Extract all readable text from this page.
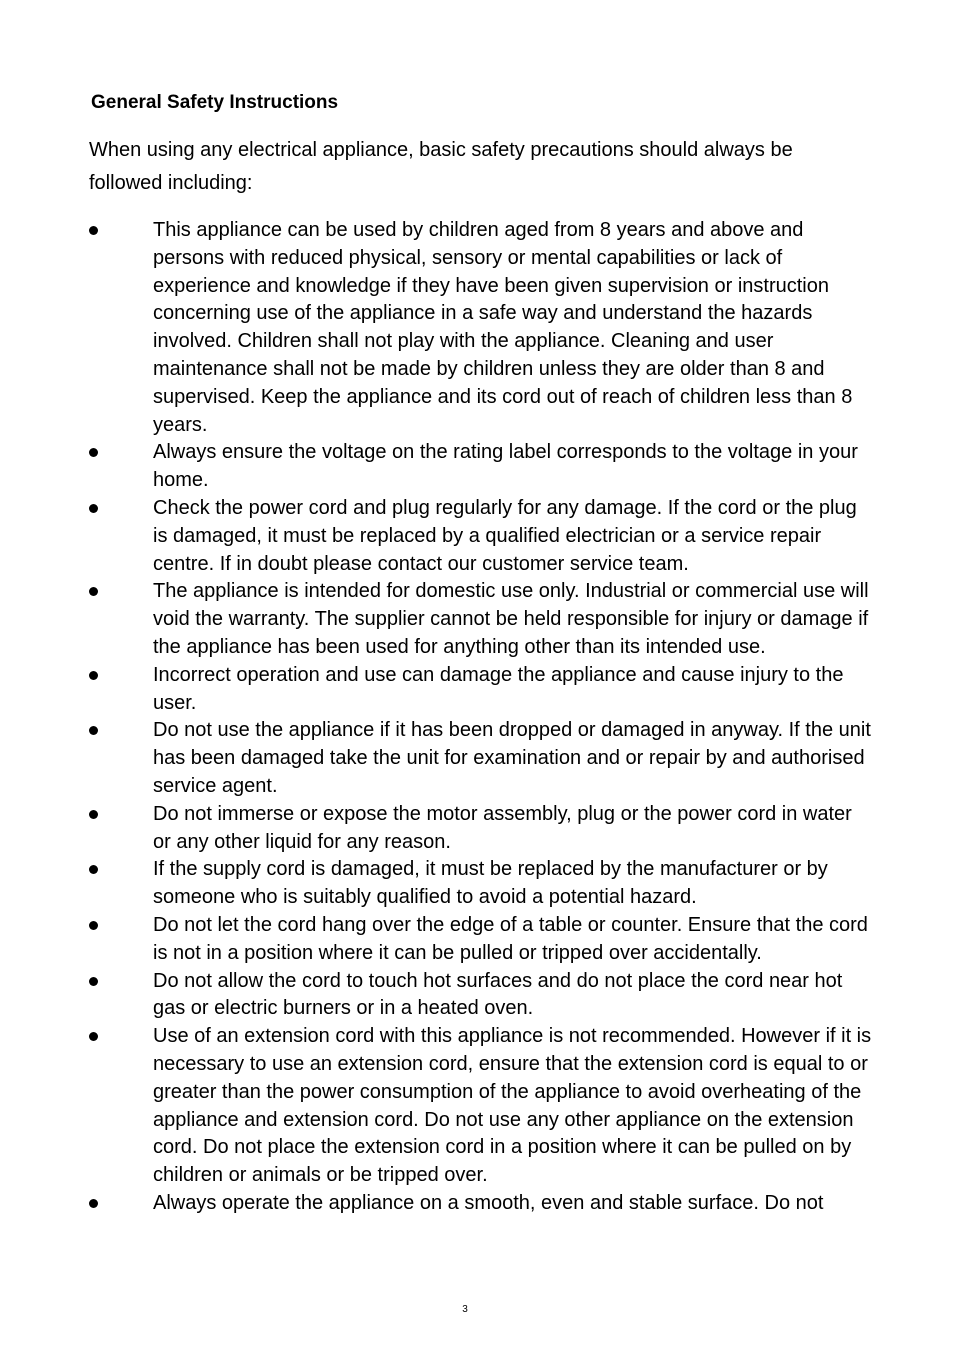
General Safety Instructions

When using any electrical appliance, basic safety precautions should always be followed including:

This appliance can be used by children aged from 8 years and above and persons with reduced physical, sensory or mental capabilities or lack of experience and knowledge if they have been given supervision or instruction concerning use of the appliance in a safe way and understand the hazards involved. Children shall not play with the appliance. Cleaning and user maintenance shall not be made by children unless they are older than 8 and supervised. Keep the appliance and its cord out of reach of children less than 8 years.
Always ensure the voltage on the rating label corresponds to the voltage in your home.
Check the power cord and plug regularly for any damage. If the cord or the plug is damaged, it must be replaced by a qualified electrician or a service repair centre. If in doubt please contact our customer service team.
The appliance is intended for domestic use only. Industrial or commercial use will void the warranty. The supplier cannot be held responsible for injury or damage if the appliance has been used for anything other than its intended use.
Incorrect operation and use can damage the appliance and cause injury to the user.
Do not use the appliance if it has been dropped or damaged in anyway. If the unit has been damaged take the unit for examination and or repair by and authorised service agent.
Do not immerse or expose the motor assembly, plug or the power cord in water or any other liquid for any reason.
If the supply cord is damaged, it must be replaced by the manufacturer or by someone who is suitably qualified to avoid a potential hazard.
Do not let the cord hang over the edge of a table or counter. Ensure that the cord is not in a position where it can be pulled or tripped over accidentally.
Do not allow the cord to touch hot surfaces and do not place the cord near hot gas or electric burners or in a heated oven.
Use of an extension cord with this appliance is not recommended. However if it is necessary to use an extension cord, ensure that the extension cord is equal to or greater than the power consumption of the appliance to avoid overheating of the appliance and extension cord. Do not use any other appliance on the extension cord. Do not place the extension cord in a position where it can be pulled on by children or animals or be tripped over.
Always operate the appliance on a smooth, even and stable surface. Do not

3
